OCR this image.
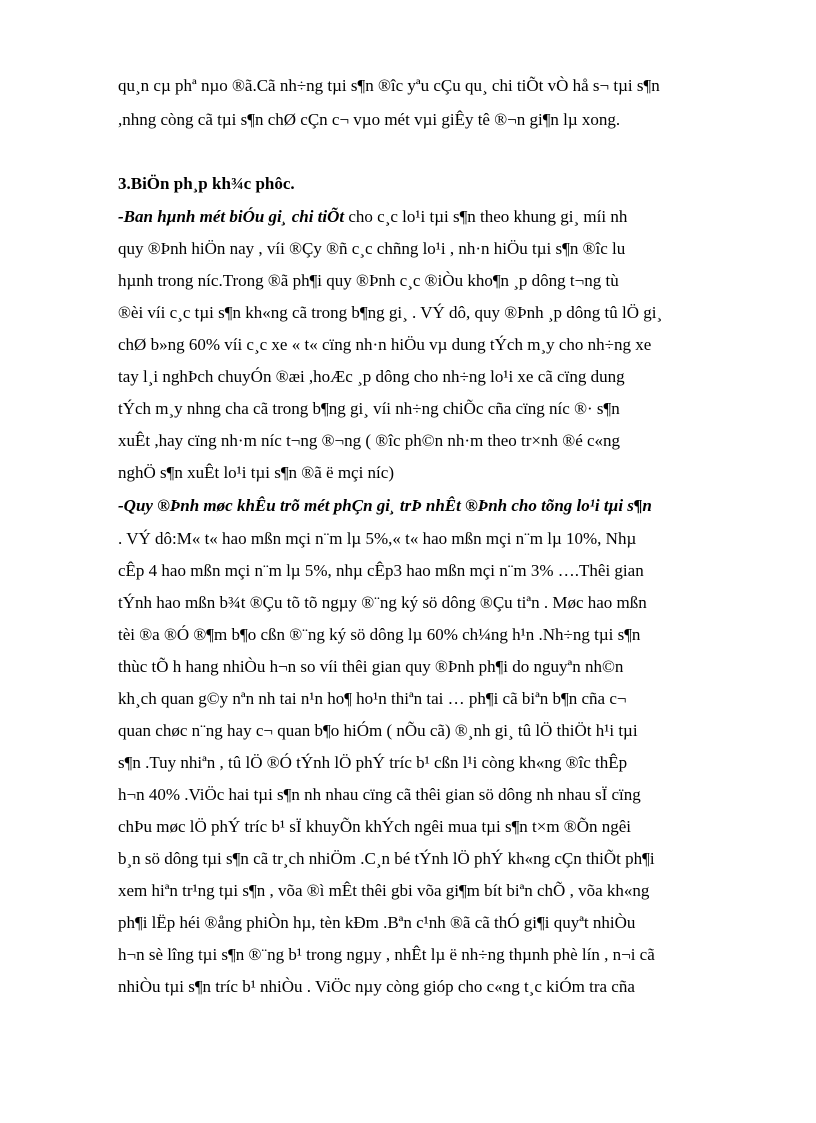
qu¸n cµ phª nµo ®ã.Cã nh÷ng tµi s¶n ®îc yªu cÇu qu¸ chi tiÕt vÒ hå s¬ tµi s¶n
,nhng còng cã tµi s¶n chØ cÇn c¬ vµo mét vµi giÊy tê ®¬n gi¶n lµ xong.
3.BiÖn ph¸p kh¾c phôc.
-Ban hµnh mét biÓu gi¸ chi tiÕt cho c¸c lo¹i tµi s¶n theo khung gi¸ míi nh
quy ®Þnh hiÖn nay , víi ®Çy ®ñ c¸c chñng lo¹i , nh·n hiÖu tµi s¶n ®îc lu
hµnh trong níc.Trong ®ã ph¶i quy ®Þnh c¸c ®iÒu kho¶n ¸p dông t¬ng tù
®èi víi c¸c tµi s¶n kh«ng cã trong b¶ng gi¸ . VÝ dô, quy ®Þnh ¸p dông tû lÖ gi¸
chØ b»ng 60% víi c¸c xe « t« cïng nh·n hiÖu vµ dung tÝch m¸y cho nh÷ng xe
tay l¸i nghÞch chuyÓn ®æi ,hoÆc ¸p dông cho nh÷ng lo¹i xe cã cïng dung
tÝch m¸y nhng cha cã trong b¶ng gi¸ víi nh÷ng chiÕc cña cïng níc ®· s¶n
xuÊt ,hay cïng nh·m níc t¬ng ®¬ng ( ®îc ph©n nh·m theo tr×nh ®é c«ng
nghÖ s¶n xuÊt lo¹i tµi s¶n ®ã ë mçi níc)
-Quy ®Þnh møc khÊu trõ mét phÇn gi¸ trÞ nhÊt ®Þnh cho tõng lo¹i tµi s¶n
. VÝ dô:M« t« hao mßn mçi n¨m lµ 5%,« t« hao mßn mçi n¨m lµ 10%, Nhµ
cÊp 4 hao mßn mçi n¨m lµ 5%, nhµ cÊp3 hao mßn mçi n¨m 3% ….Thêi gian
tÝnh hao mßn b¾t ®Çu tõ tõ ngµy ®¨ng ký sö dông ®Çu tiªn . Møc hao mßn
tèi ®a ®Ó ®¶m b¶o cßn ®¨ng ký sö dông lµ 60% ch¼ng h¹n .Nh÷ng tµi s¶n
thùc tÕ h hang nhiÒu h¬n so víi thêi gian quy ®Þnh ph¶i do nguyªn nh©n
kh¸ch quan g©y nªn nh tai n¹n ho¶ ho¹n thiªn tai … ph¶i cã biªn b¶n cña c¬
quan chøc n¨ng hay c¬ quan b¶o hiÓm ( nÕu cã) ®¸nh gi¸ tû lÖ thiÖt h¹i tµi
s¶n .Tuy nhiªn , tû lÖ ®Ó tÝnh lÖ phÝ tríc b¹ cßn l¹i còng kh«ng ®îc thÊp
h¬n 40% .ViÖc hai tµi s¶n nh nhau cïng cã thêi gian sö dông nh nhau sÏ cïng
chÞu møc lÖ phÝ tríc b¹ sÏ khuyÕn khÝch ngêi mua tµi s¶n t×m ®Õn ngêi
b¸n sö dông tµi s¶n cã tr¸ch nhiÖm .C¸n bé tÝnh lÖ phÝ kh«ng cÇn thiÕt ph¶i
xem hiªn tr¹ng tµi s¶n , võa ®ì mÊt thêi gbi võa gi¶m bít biªn chÕ , võa kh«ng
ph¶i lËp héi ®ång phiÒn hµ, tèn kÐm .Bªn c¹nh ®ã cã thÓ gi¶i quyªt nhiÒu
h¬n sè lîng tµi s¶n ®¨ng b¹ trong ngµy , nhÊt lµ ë nh÷ng thµnh phè lín , n¬i cã
nhiÒu tµi s¶n tríc b¹ nhiÒu . ViÖc nµy còng gióp cho c«ng t¸c kiÓm tra cña
